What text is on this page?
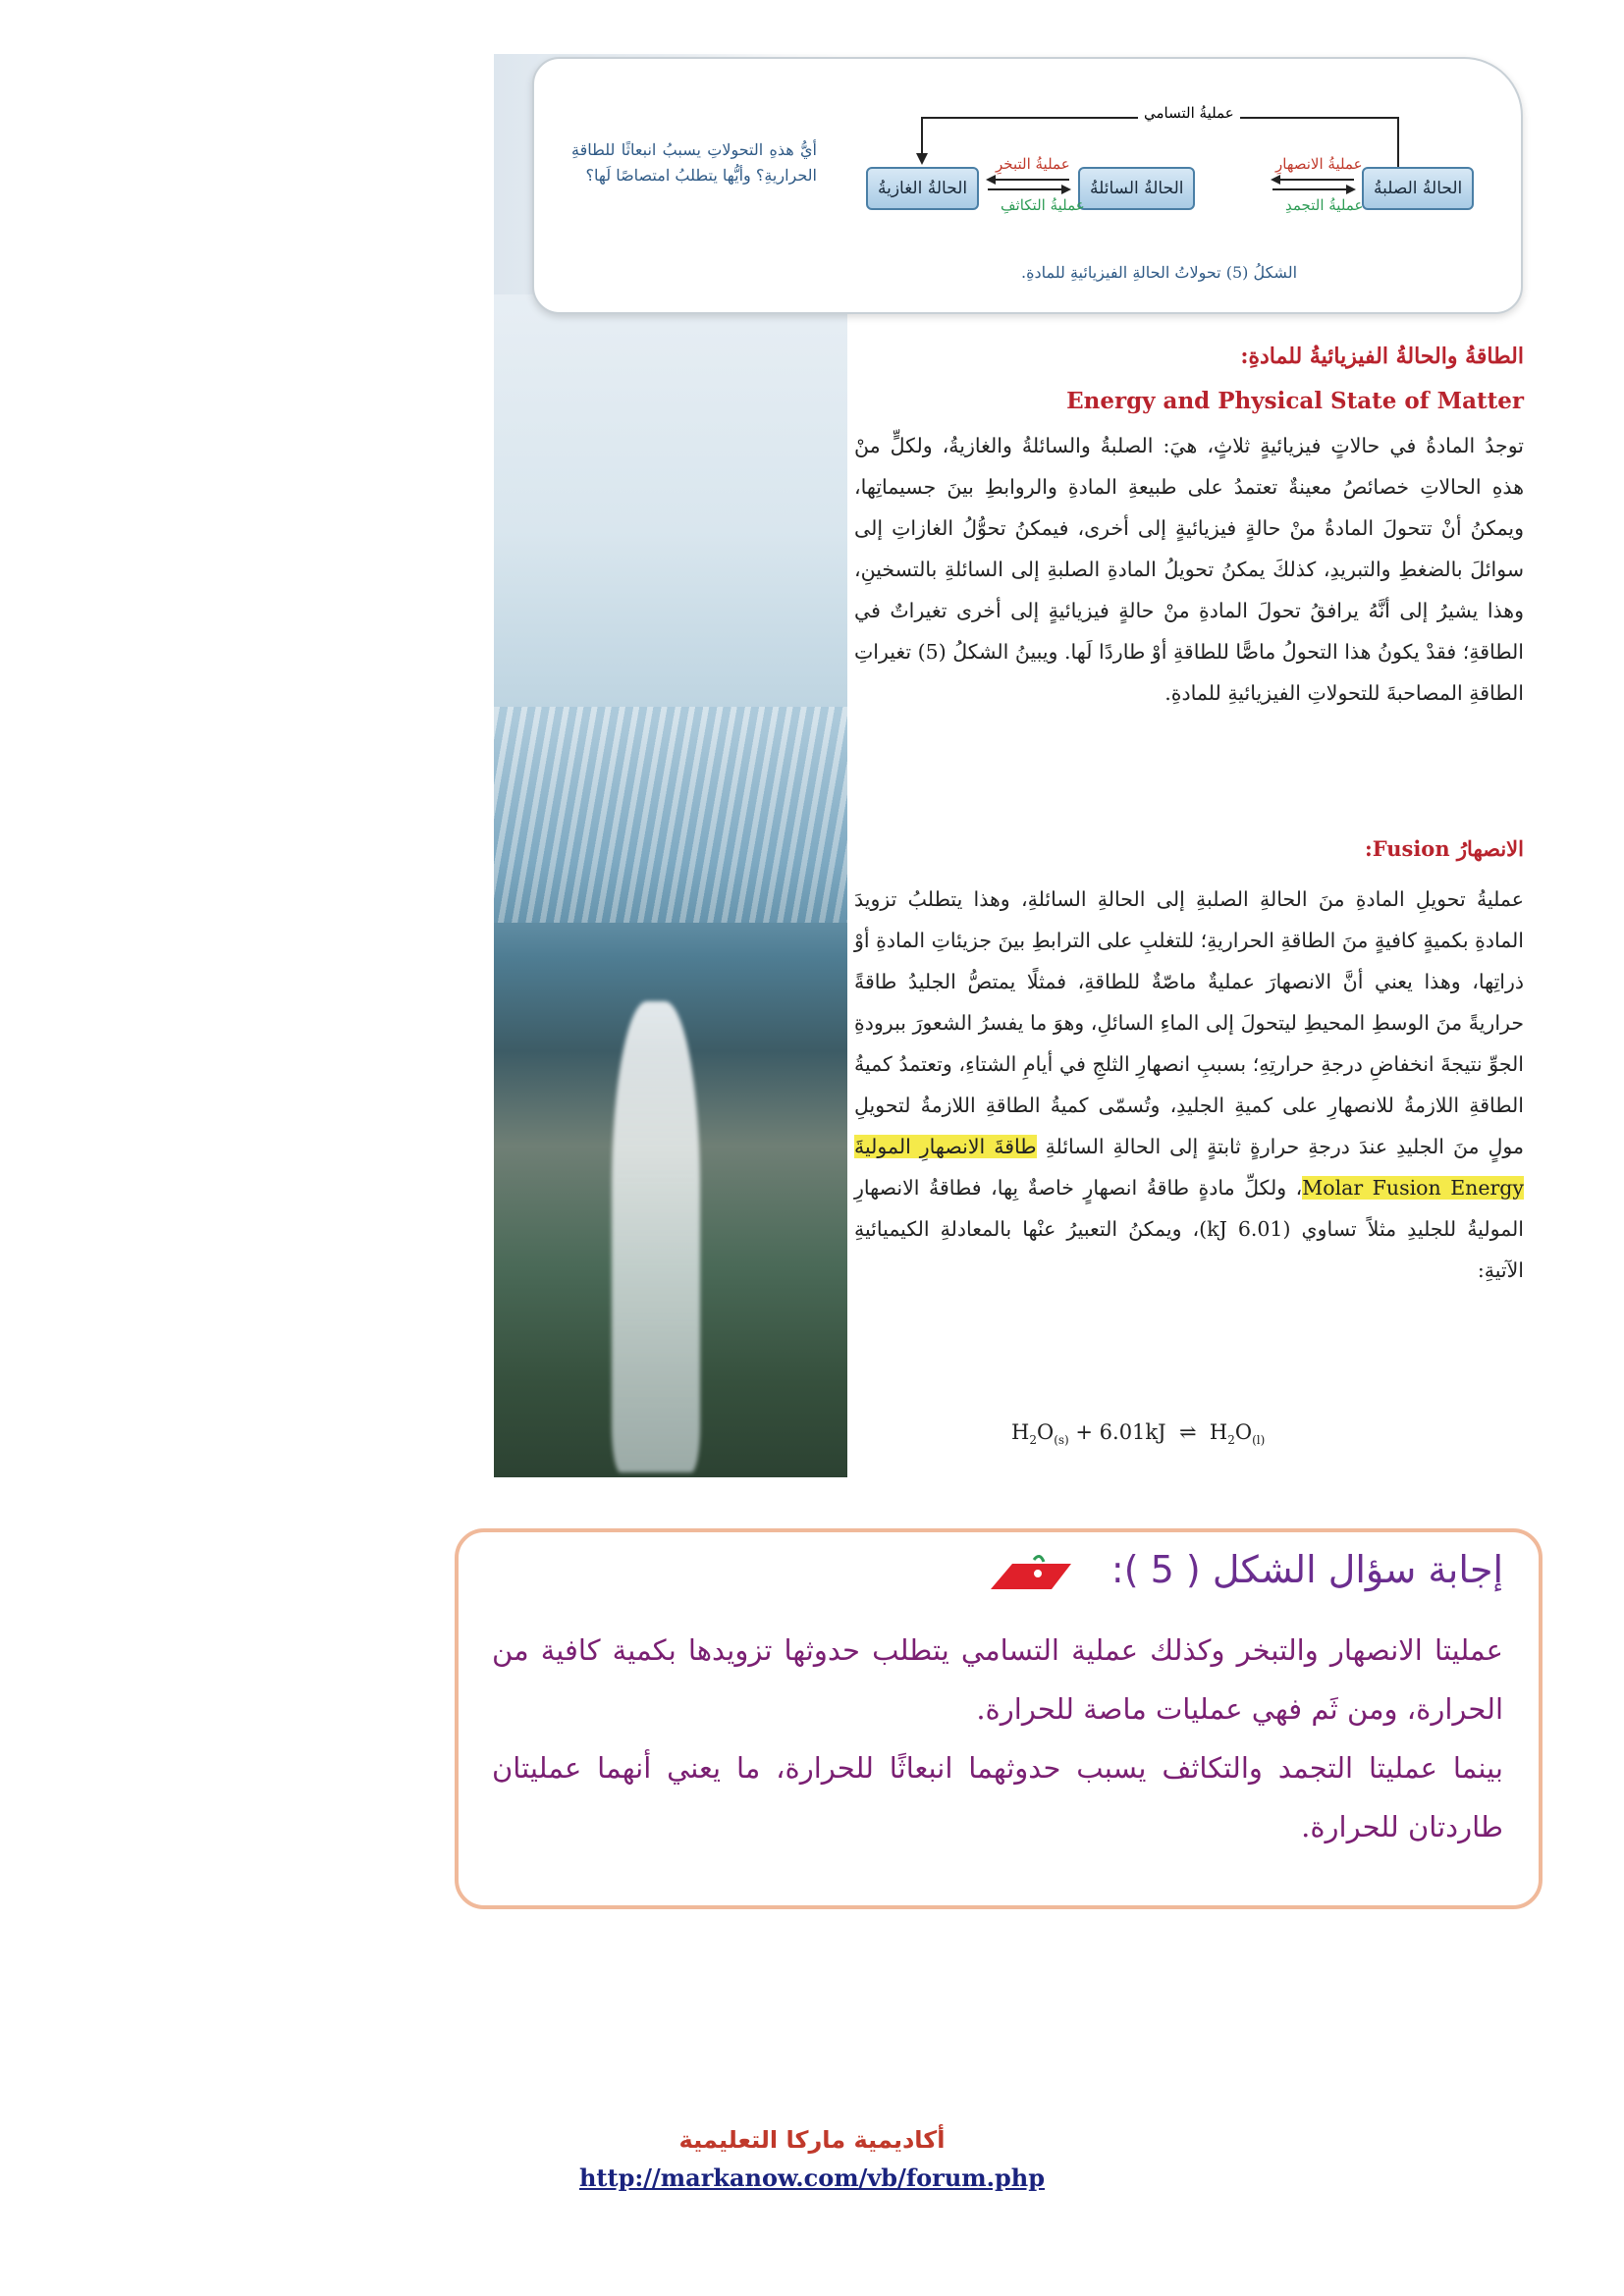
عمليةُ التسامي
الحالةُ الصلبةُ
الحالةُ السائلةُ
الحالةُ الغازيةُ
عمليةُ الانصهارِ
عمليةُ التجمدِ
عمليةُ التبخرِ
عمليةُ التكاثفِ
أيُّ هذهِ التحولاتِ يسببُ انبعاثًا للطاقةِ الحراريةِ؟ وأيُّها يتطلبُ امتصاصًا لَها؟
الشكلُ (5) تحولاتُ الحالةِ الفيزيائيةِ للمادةِ.
الطاقةُ والحالةُ الفيزيائيةُ للمادةِ:
Energy and Physical State of Matter
توجدُ المادةُ في حالاتٍ فيزيائيةٍ ثلاثٍ، هيَ: الصلبةُ والسائلةُ والغازيةُ، ولكلٍّ منْ هذهِ الحالاتِ خصائصُ معينةٌ تعتمدُ على طبيعةِ المادةِ والروابطِ بينَ جسيماتِها، ويمكنُ أنْ تتحولَ المادةُ منْ حالةٍ فيزيائيةٍ إلى أخرى، فيمكنُ تحوُّلُ الغازاتِ إلى سوائلَ بالضغطِ والتبريدِ، كذلكَ يمكنُ تحويلُ المادةِ الصلبةِ إلى السائلةِ بالتسخينِ، وهذا يشيرُ إلى أنَّهُ يرافقُ تحولَ المادةِ منْ حالةٍ فيزيائيةٍ إلى أخرى تغيراتٌ في الطاقةِ؛ فقدْ يكونُ هذا التحولُ ماصًّا للطاقةِ أوْ طاردًا لَها. ويبينُ الشكلُ (5) تغيراتِ الطاقةِ المصاحبةَ للتحولاتِ الفيزيائيةِ للمادةِ.
الانصهارُ Fusion:
عمليةُ تحويلِ المادةِ منَ الحالةِ الصلبةِ إلى الحالةِ السائلةِ، وهذا يتطلبُ تزويدَ المادةِ بكميةٍ كافيةٍ منَ الطاقةِ الحراريةِ؛ للتغلبِ على الترابطِ بينَ جزيئاتِ المادةِ أوْ ذراتِها، وهذا يعني أنَّ الانصهارَ عمليةٌ ماصّةٌ للطاقةِ، فمثلًا يمتصُّ الجليدُ طاقةً حراريةً منَ الوسطِ المحيطِ ليتحولَ إلى الماءِ السائلِ، وهوَ ما يفسرُ الشعورَ ببرودةِ الجوِّ نتيجةَ انخفاضِ درجةِ حرارتِهِ؛ بسببِ انصهارِ الثلجِ في أيامِ الشتاءِ، وتعتمدُ كميةُ الطاقةِ اللازمةُ للانصهارِ على كميةِ الجليدِ، وتُسمّى كميةُ الطاقةِ اللازمةُ لتحويلِ مولٍ منَ الجليدِ عندَ درجةِ حرارةٍ ثابتةٍ إلى الحالةِ السائلةِ طاقةَ الانصهارِ الموليةَ Molar Fusion Energy، ولكلِّ مادةٍ طاقةُ انصهارٍ خاصةٌ بِها، فطاقةُ الانصهارِ الموليةُ للجليدِ مثلاً تساوي (6.01 kJ)، ويمكنُ التعبيرُ عنْها بالمعادلةِ الكيميائيةِ الآتيةِ:
$H_2O_{(s)} + 6.01kJ$ ⇌ $H_2O_{(l)}$
إجابة سؤال الشكل ( 5 ):
عمليتا الانصهار والتبخر وكذلك عملية التسامي يتطلب حدوثها تزويدها بكمية كافية من الحرارة، ومن ثَم فهي عمليات ماصة للحرارة.
بينما عمليتا التجمد والتكاثف يسبب حدوثهما انبعاثًا للحرارة، ما يعني أنهما عمليتان طاردتان للحرارة.
أكاديمية ماركا التعليمية
http://markanow.com/vb/forum.php
